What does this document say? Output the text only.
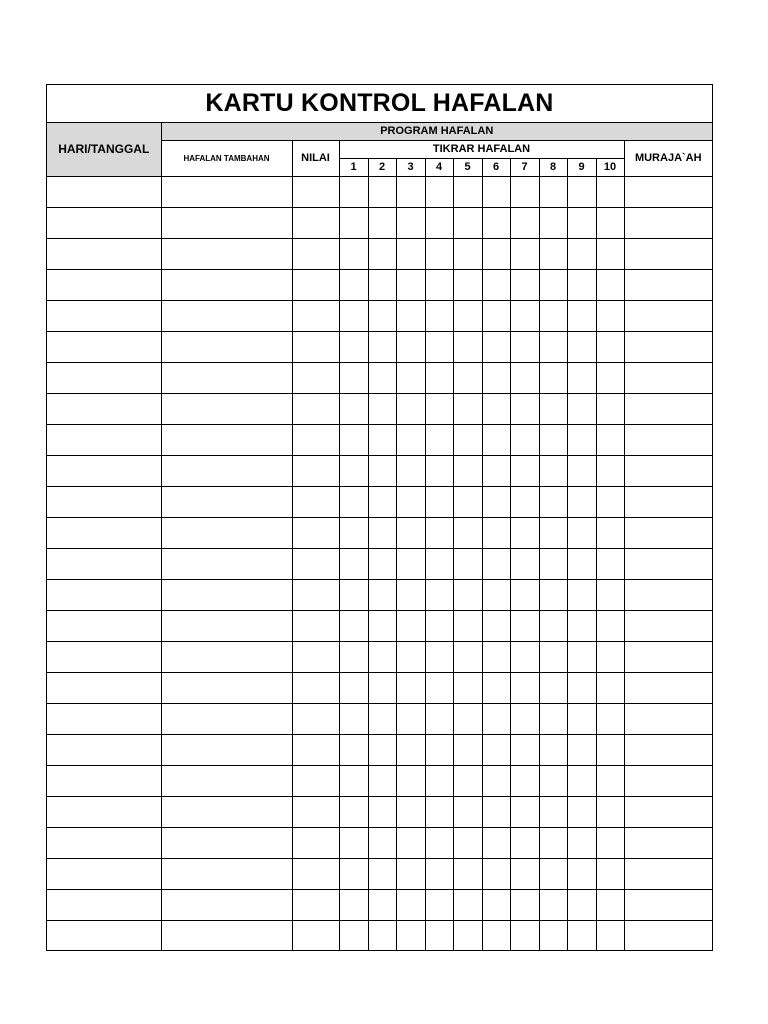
KARTU KONTROL HAFALAN
HARI/TANGGAL	PROGRAM HAFALAN												
	HAFALAN TAMBAHAN	NILAI	TIKRAR HAFALAN										MURAJA`AH
			1	2	3	4	5	6	7	8	9	10	
